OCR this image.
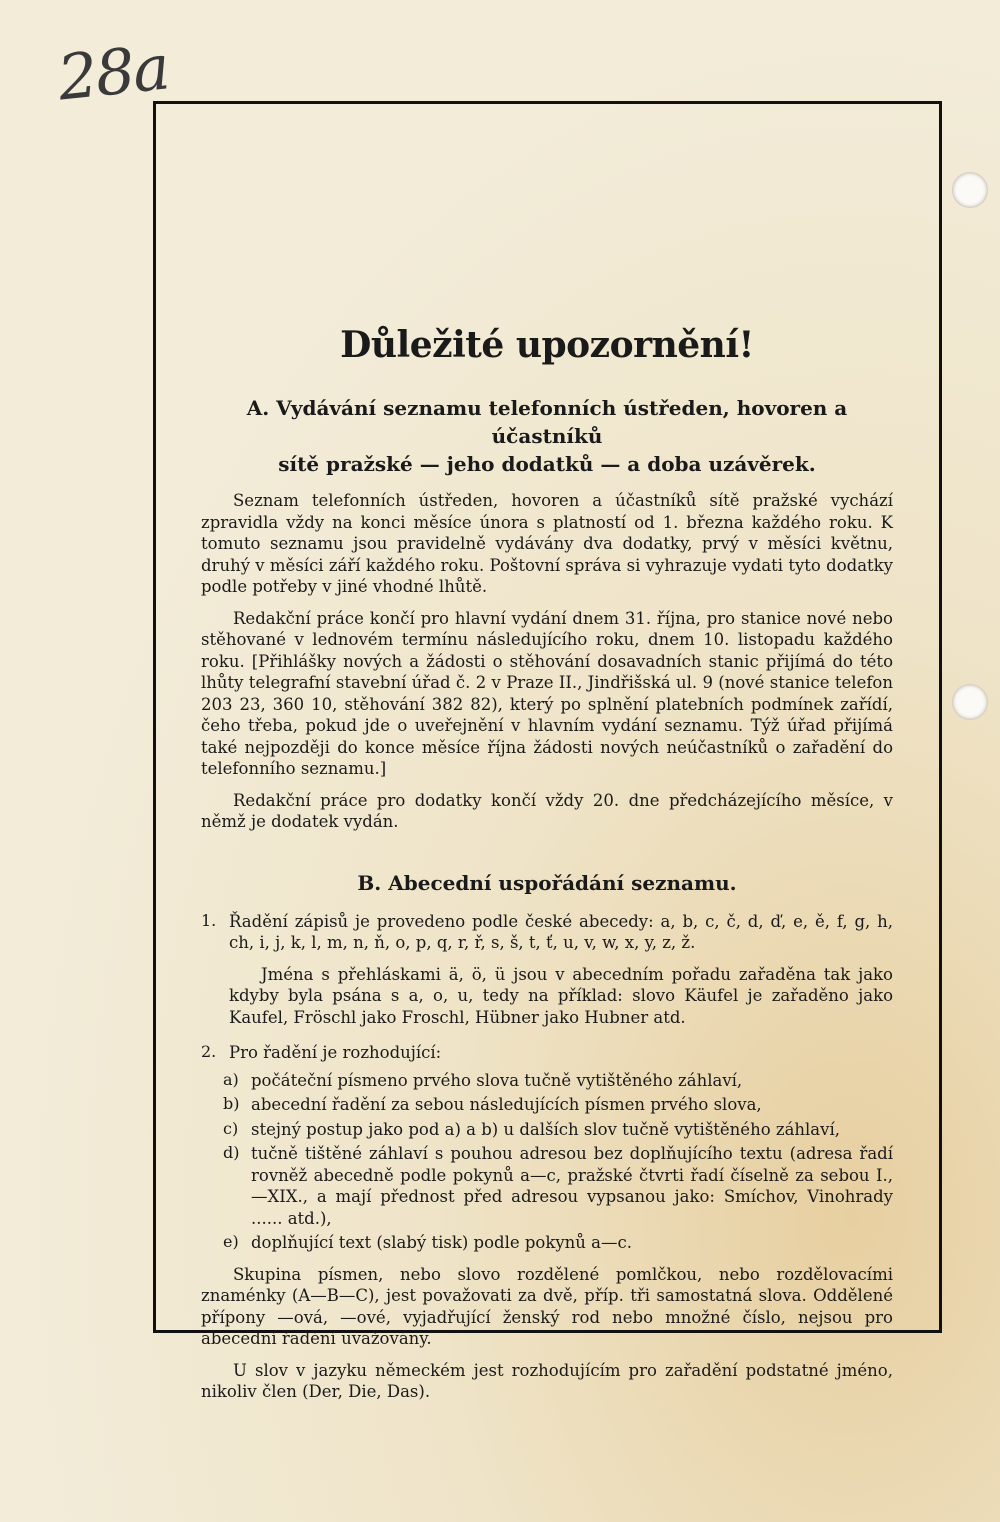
28a
Důležité upozornění!
A. Vydávání seznamu telefonních ústředen, hovoren a účastníků
sítě pražské — jeho dodatků — a doba uzávěrek.

Seznam telefonních ústředen, hovoren a účastníků sítě pražské vychází zpravidla vždy na konci měsíce února s platností od 1. března každého roku. K tomuto seznamu jsou pravidelně vydávány dva dodatky, prvý v měsíci květnu, druhý v měsíci září každého roku. Poštovní správa si vyhrazuje vydati tyto dodatky podle potřeby v jiné vhodné lhůtě.

Redakční práce končí pro hlavní vydání dnem 31. října, pro stanice nové nebo stěhované v lednovém termínu následujícího roku, dnem 10. listopadu každého roku. [Přihlášky nových a žádosti o stěhování dosavadních stanic přijímá do této lhůty telegrafní stavební úřad č. 2 v Praze II., Jindřišská ul. 9 (nové stanice telefon 203 23, 360 10, stěhování 382 82), který po splnění platebních podmínek zařídí, čeho třeba, pokud jde o uveřejnění v hlavním vydání seznamu. Týž úřad přijímá také nejpozději do konce měsíce října žádosti nových neúčastníků o zařadění do telefonního seznamu.]

Redakční práce pro dodatky končí vždy 20. dne předcházejícího měsíce, v němž je dodatek vydán.

B. Abecední uspořádání seznamu.
1. Řadění zápisů je provedeno podle české abecedy: a, b, c, č, d, ď, e, ě, f, g, h, ch, i, j, k, l, m, n, ň, o, p, q, r, ř, s, š, t, ť, u, v, w, x, y, z, ž.

Jména s přehláskami ä, ö, ü jsou v abecedním pořadu zařaděna tak jako kdyby byla psána s a, o, u, tedy na příklad: slovo Käufel je zařaděno jako Kaufel, Fröschl jako Froschl, Hübner jako Hubner atd.

2. Pro řadění je rozhodující:

a) počáteční písmeno prvého slova tučně vytištěného záhlaví,

b) abecední řadění za sebou následujících písmen prvého slova,

c) stejný postup jako pod a) a b) u dalších slov tučně vytištěného záhlaví,

d) tučně tištěné záhlaví s pouhou adresou bez doplňujícího textu (adresa řadí rovněž abecedně podle pokynů a—c, pražské čtvrti řadí číselně za sebou I.,—XIX., a mají přednost před adresou vypsanou jako: Smíchov, Vinohrady ...... atd.),

e) doplňující text (slabý tisk) podle pokynů a—c.

Skupina písmen, nebo slovo rozdělené pomlčkou, nebo rozdělovacími znaménky (A—B—C), jest považovati za dvě, příp. tři samostatná slova. Oddělené přípony —ová, —ové, vyjadřující ženský rod nebo množné číslo, nejsou pro abecední řadění uvažovány.

U slov v jazyku německém jest rozhodujícím pro zařadění podstatné jméno, nikoliv člen (Der, Die, Das).
